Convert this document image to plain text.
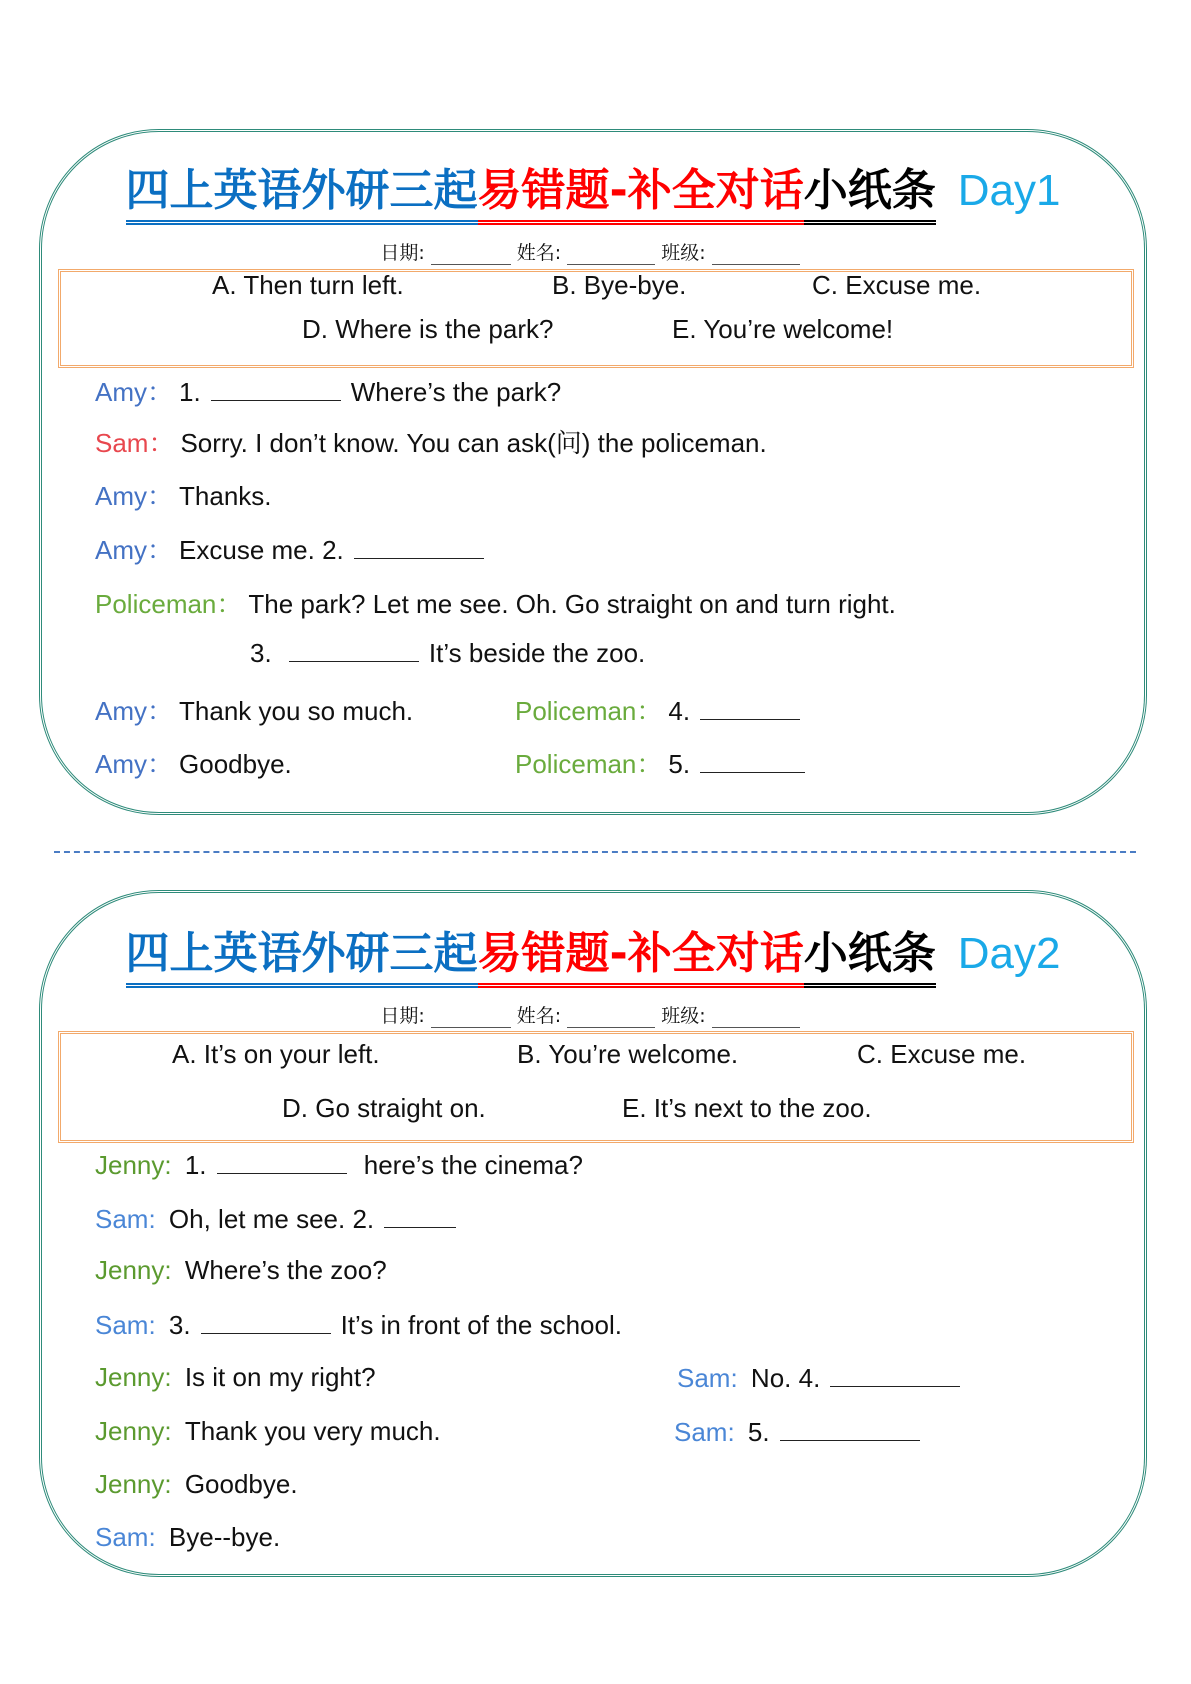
四上英语外研三起易错题-补全对话小纸条 Day1
日期:	姓名:	班级:
A. Then turn left.	B. Bye-bye.	C. Excuse me.
D. Where is the park?	E. You’re welcome!
Amy： 1.	Where’s the park?
Sam： Sorry. I don’t know. You can ask(问) the policeman.
Amy： Thanks.
Amy： Excuse me. 2.
Policeman： The park? Let me see. Oh. Go straight on and turn right.
3.	It’s beside the zoo.
Amy： Thank you so much.	Policeman： 4.
Amy： Goodbye.	Policeman： 5.
四上英语外研三起易错题-补全对话小纸条 Day2
日期:	姓名:	班级:
A. It’s on your left.	B. You’re welcome.	C. Excuse me.
D. Go straight on.	E. It’s next to the zoo.
Jenny: 1.	here’s the cinema?
Sam: Oh, let me see. 2.
Jenny: Where’s the zoo?
Sam: 3.	It’s in front of the school.
Jenny: Is it on my right?	Sam: No. 4.
Jenny: Thank you very much.	Sam: 5.
Jenny: Goodbye.
Sam: Bye--bye.
